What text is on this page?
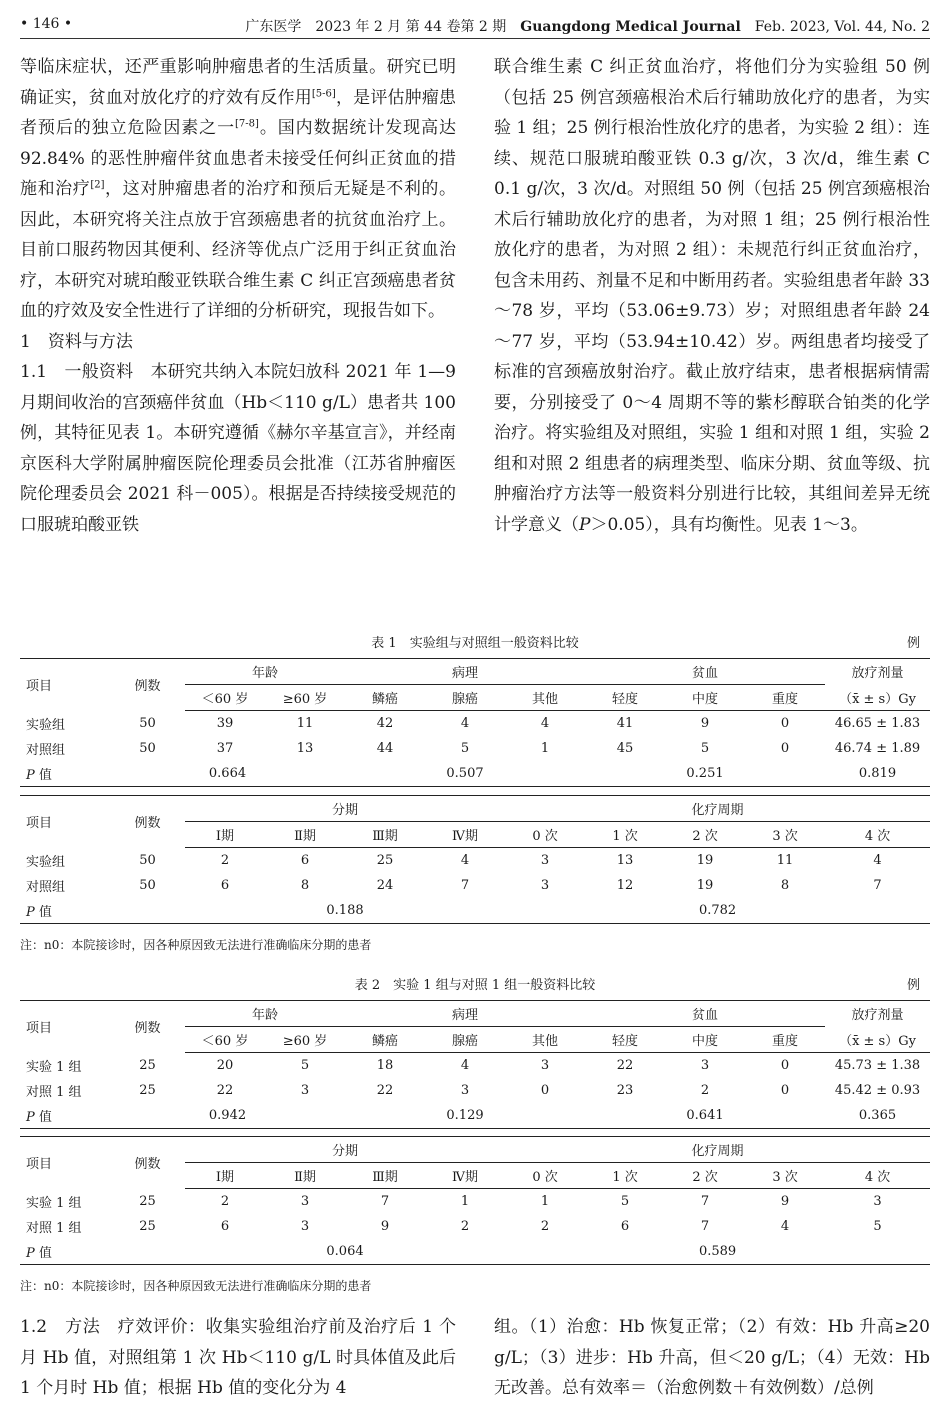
• 146 •	广东医学　2023 年 2 月 第 44 卷第 2 期　 Guangdong Medical Journal　 Feb. 2023, Vol. 44, No. 2

等临床症状，还严重影响肿瘤患者的生活质量。研究已明确证实，贫血对放化疗的疗效有反作用[5-6]，是评估肿瘤患者预后的独立危险因素之一[7-8]。国内数据统计发现高达 92.84% 的恶性肿瘤伴贫血患者未接受任何纠正贫血的措施和治疗[2]，这对肿瘤患者的治疗和预后无疑是不利的。因此，本研究将关注点放于宫颈癌患者的抗贫血治疗上。目前口服药物因其便利、经济等优点广泛用于纠正贫血治疗，本研究对琥珀酸亚铁联合维生素 C 纠正宫颈癌患者贫血的疗效及安全性进行了详细的分析研究，现报告如下。

1　资料与方法

1.1　一般资料　本研究共纳入本院妇放科 2021 年 1—9 月期间收治的宫颈癌伴贫血（Hb＜110 g/L）患者共 100 例，其特征见表 1。本研究遵循《赫尔辛基宣言》，并经南京医科大学附属肿瘤医院伦理委员会批准（江苏省肿瘤医院伦理委员会 2021 科－005）。根据是否持续接受规范的口服琥珀酸亚铁

联合维生素 C 纠正贫血治疗，将他们分为实验组 50 例（包括 25 例宫颈癌根治术后行辅助放化疗的患者，为实验 1 组；25 例行根治性放化疗的患者，为实验 2 组）：连续、规范口服琥珀酸亚铁 0.3 g/次，3 次/d，维生素 C 0.1 g/次，3 次/d。对照组 50 例（包括 25 例宫颈癌根治术后行辅助放化疗的患者，为对照 1 组；25 例行根治性放化疗的患者，为对照 2 组）：未规范行纠正贫血治疗，包含未用药、剂量不足和中断用药者。实验组患者年龄 33～78 岁，平均（53.06±9.73）岁；对照组患者年龄 24～77 岁，平均（53.94±10.42）岁。两组患者均接受了标准的宫颈癌放射治疗。截止放疗结束，患者根据病情需要，分别接受了 0～4 周期不等的紫杉醇联合铂类的化学治疗。将实验组及对照组，实验 1 组和对照 1 组，实验 2 组和对照 2 组患者的病理类型、临床分期、贫血等级、抗肿瘤治疗方法等一般资料分别进行比较，其组间差异无统计学意义（P＞0.05），具有均衡性。见表 1～3。

表 1　实验组与对照组一般资料比较	例
项目	例数	年龄		病理			贫血			放疗剂量
		＜60 岁	≥60 岁	鳞癌	腺癌	其他	轻度	中度	重度	（x̄ ± s）Gy
实验组	50	39	11	42	4	4	41	9	0	46.65 ± 1.83
对照组	50	37	13	44	5	1	45	5	0	46.74 ± 1.89
P 值	0.664			0.507			0.251			0.819
项目	例数	分期				化疗周期				
		Ⅰ期	Ⅱ期	Ⅲ期	Ⅳ期	0 次	1 次	2 次	3 次	4 次
实验组	50	2	6	25	4	3	13	19	11	4
对照组	50	6	8	24	7	3	12	19	8	7
P 值		0.188				0.782				
注：n0：本院接诊时，因各种原因致无法进行准确临床分期的患者
表 2　实验 1 组与对照 1 组一般资料比较	例
项目	例数	年龄		病理			贫血			放疗剂量
		＜60 岁	≥60 岁	鳞癌	腺癌	其他	轻度	中度	重度	（x̄ ± s）Gy
实验 1 组	25	20	5	18	4	3	22	3	0	45.73 ± 1.38
对照 1 组	25	22	3	22	3	0	23	2	0	45.42 ± 0.93
P 值	0.942			0.129			0.641			0.365
项目	例数	分期				化疗周期				
		Ⅰ期	Ⅱ期	Ⅲ期	Ⅳ期	0 次	1 次	2 次	3 次	4 次
实验 1 组	25	2	3	7	1	1	5	7	9	3
对照 1 组	25	6	3	9	2	2	6	7	4	5
P 值		0.064				0.589				
注：n0：本院接诊时，因各种原因致无法进行准确临床分期的患者

1.2　方法　疗效评价：收集实验组治疗前及治疗后 1 个月 Hb 值，对照组第 1 次 Hb＜110 g/L 时具体值及此后 1 个月时 Hb 值；根据 Hb 值的变化分为 4

组。（1）治愈：Hb 恢复正常；（2）有效：Hb 升高≥20 g/L；（3）进步：Hb 升高，但＜20 g/L；（4）无效：Hb 无改善。总有效率＝（治愈例数＋有效例数）/总例
